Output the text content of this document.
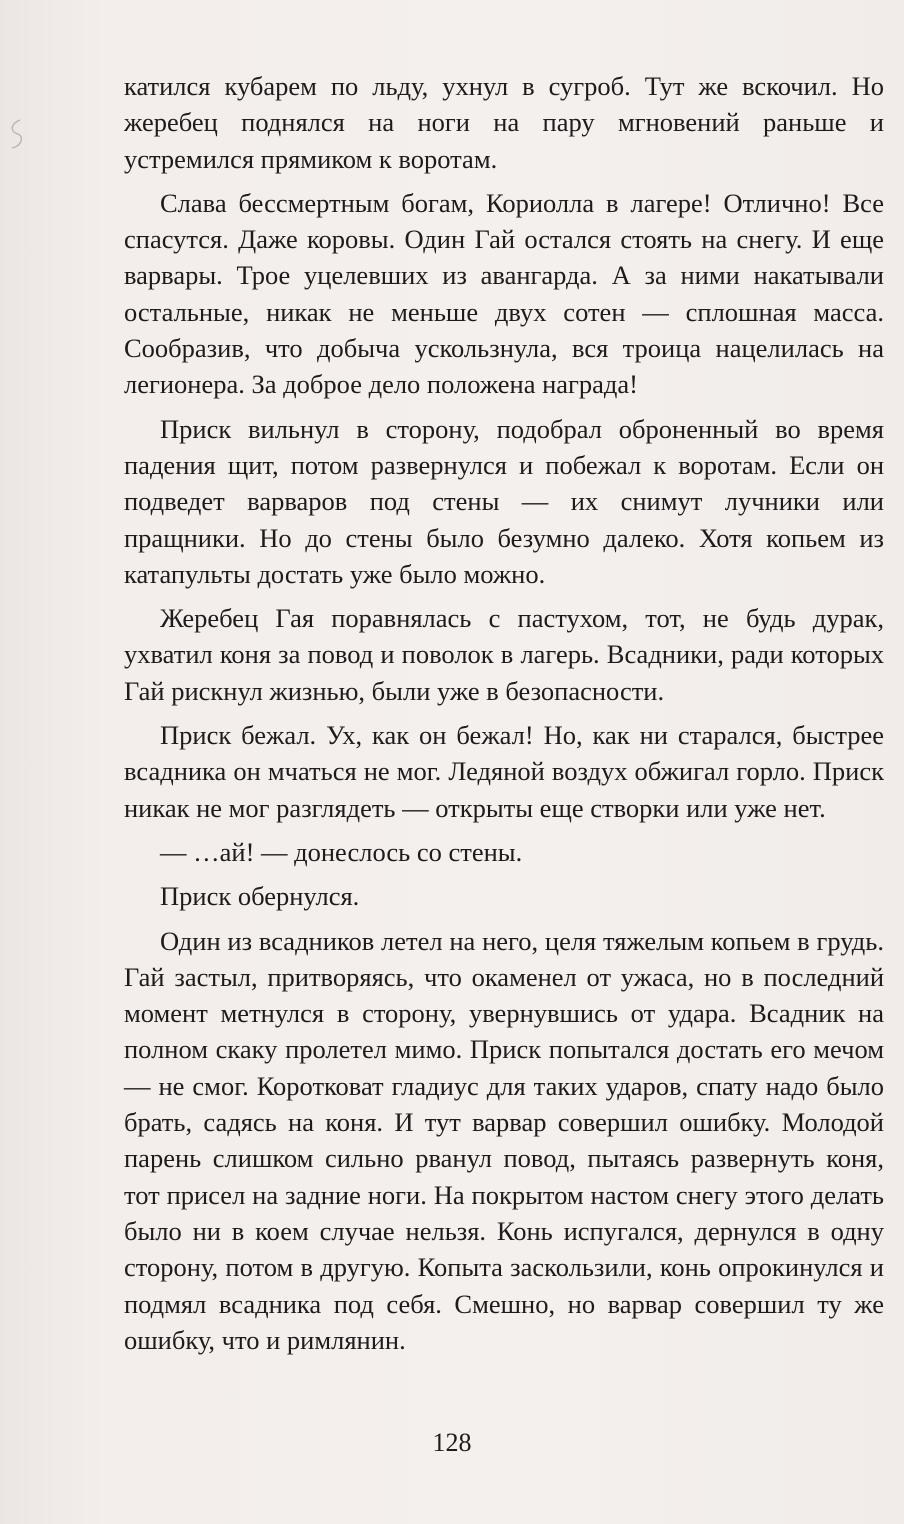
катился кубарем по льду, ухнул в сугроб. Тут же вскочил. Но жеребец поднялся на ноги на пару мгновений раньше и устремился прямиком к воротам.

Слава бессмертным богам, Кориолла в лагере! Отлично! Все спасутся. Даже коровы. Один Гай остался стоять на снегу. И еще варвары. Трое уцелевших из авангарда. А за ними накатывали остальные, никак не меньше двух сотен — сплошная масса. Сообразив, что добыча ускользнула, вся троица нацелилась на легионера. За доброе дело положена награда!

Приск вильнул в сторону, подобрал оброненный во время падения щит, потом развернулся и побежал к воротам. Если он подведет варваров под стены — их снимут лучники или пращники. Но до стены было безумно далеко. Хотя копьем из катапульты достать уже было можно.

Жеребец Гая поравнялась с пастухом, тот, не будь дурак, ухватил коня за повод и поволок в лагерь. Всадники, ради которых Гай рискнул жизнью, были уже в безопасности.

Приск бежал. Ух, как он бежал! Но, как ни старался, быстрее всадника он мчаться не мог. Ледяной воздух обжигал горло. Приск никак не мог разглядеть — открыты еще створки или уже нет.

— …ай! — донеслось со стены.

Приск обернулся.

Один из всадников летел на него, целя тяжелым копьем в грудь. Гай застыл, притворяясь, что окаменел от ужаса, но в последний момент метнулся в сторону, увернувшись от удара. Всадник на полном скаку пролетел мимо. Приск попытался достать его мечом — не смог. Коротковат гладиус для таких ударов, спату надо было брать, садясь на коня. И тут варвар совершил ошибку. Молодой парень слишком сильно рванул повод, пытаясь развернуть коня, тот присел на задние ноги. На покрытом настом снегу этого делать было ни в коем случае нельзя. Конь испугался, дернулся в одну сторону, потом в другую. Копыта заскользили, конь опрокинулся и подмял всадника под себя. Смешно, но варвар совершил ту же ошибку, что и римлянин.

128
